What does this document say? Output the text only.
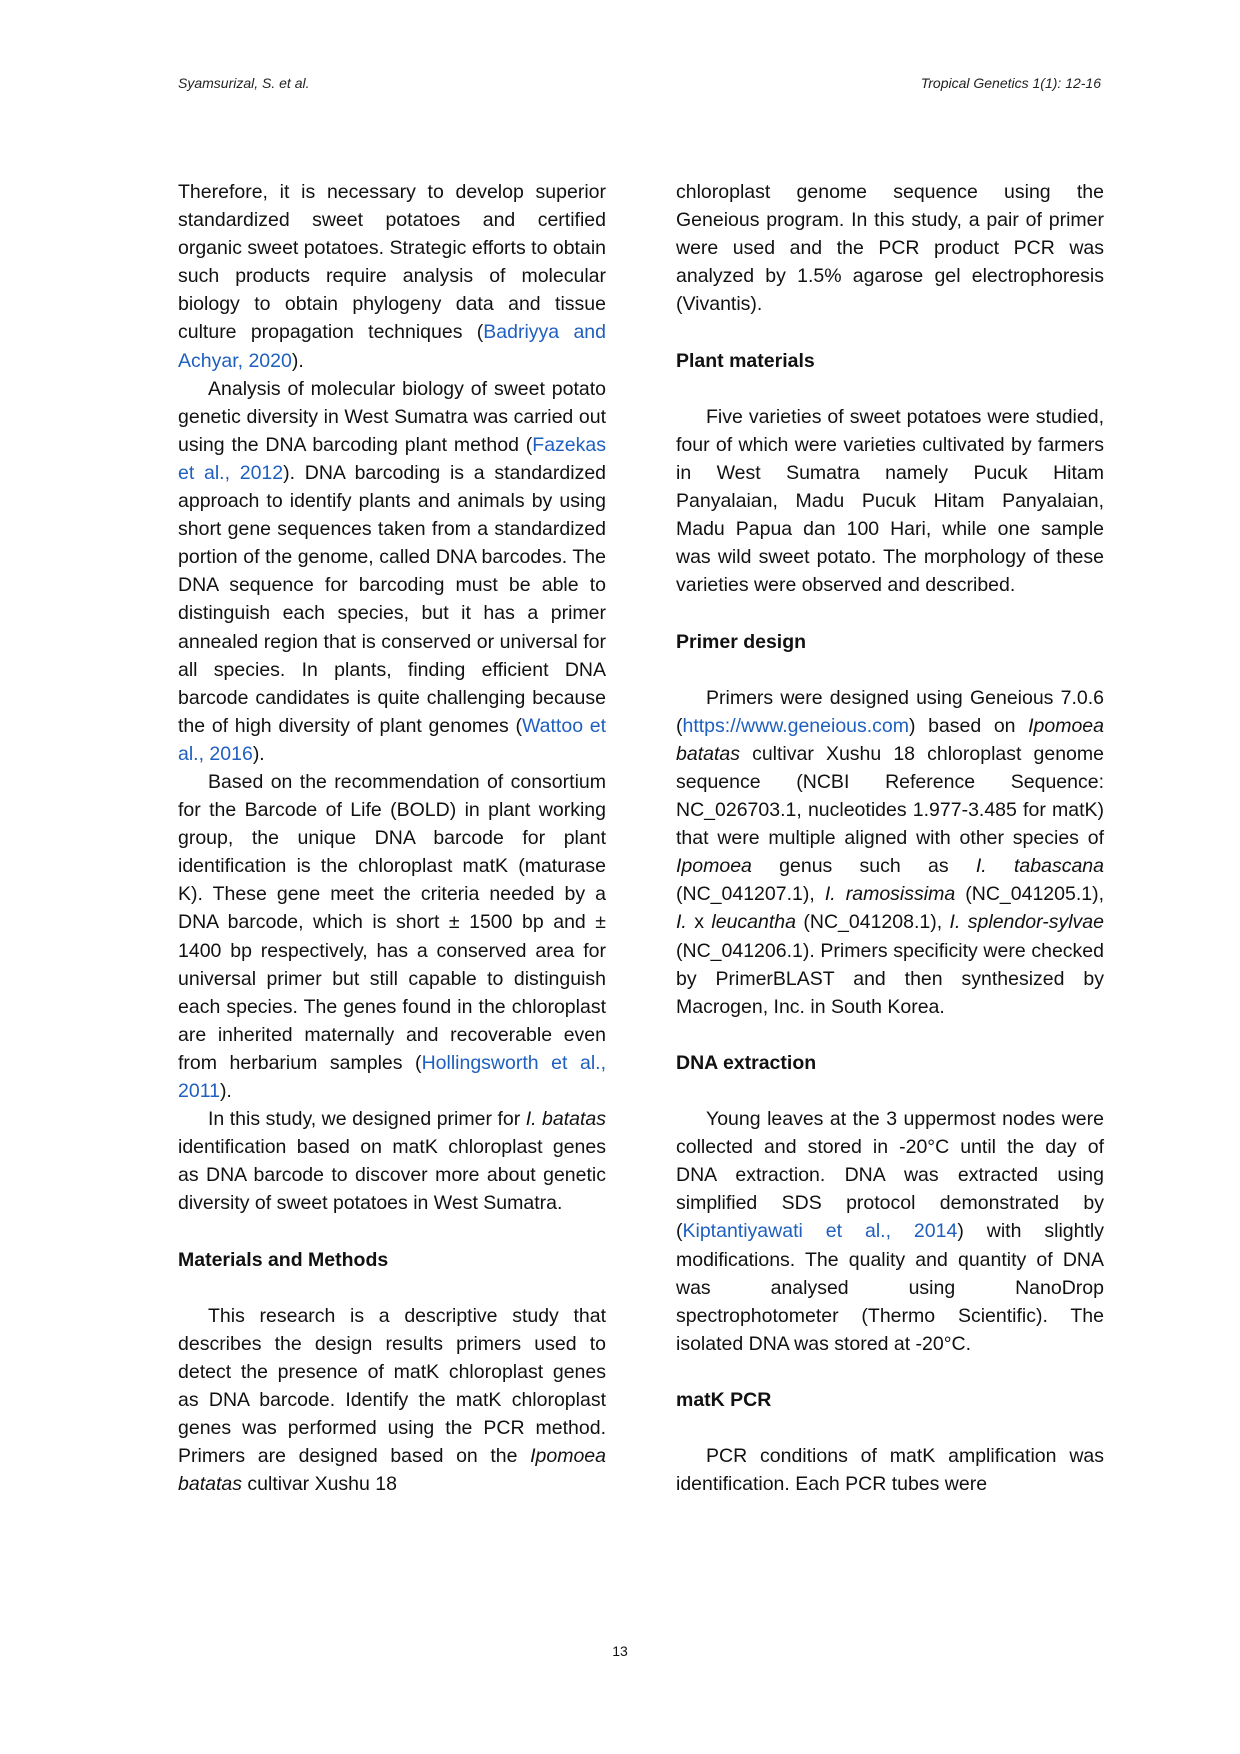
Syamsurizal, S. et al.	Tropical Genetics 1(1): 12-16

Therefore, it is necessary to develop superior standardized sweet potatoes and certified organic sweet potatoes. Strategic efforts to obtain such products require analysis of molecular biology to obtain phylogeny data and tissue culture propagation techniques (Badriyya and Achyar, 2020).

Analysis of molecular biology of sweet potato genetic diversity in West Sumatra was carried out using the DNA barcoding plant method (Fazekas et al., 2012). DNA barcoding is a standardized approach to identify plants and animals by using short gene sequences taken from a standardized portion of the genome, called DNA barcodes. The DNA sequence for barcoding must be able to distinguish each species, but it has a primer annealed region that is conserved or universal for all species. In plants, finding efficient DNA barcode candidates is quite challenging because the of high diversity of plant genomes (Wattoo et al., 2016).

Based on the recommendation of consortium for the Barcode of Life (BOLD) in plant working group, the unique DNA barcode for plant identification is the chloroplast matK (maturase K). These gene meet the criteria needed by a DNA barcode, which is short ± 1500 bp and ± 1400 bp respectively, has a conserved area for universal primer but still capable to distinguish each species. The genes found in the chloroplast are inherited maternally and recoverable even from herbarium samples (Hollingsworth et al., 2011).

In this study, we designed primer for I. batatas identification based on matK chloroplast genes as DNA barcode to discover more about genetic diversity of sweet potatoes in West Sumatra.

Materials and Methods

This research is a descriptive study that describes the design results primers used to detect the presence of matK chloroplast genes as DNA barcode. Identify the matK chloroplast genes was performed using the PCR method. Primers are designed based on the Ipomoea batatas cultivar Xushu 18

chloroplast genome sequence using the Geneious program. In this study, a pair of primer were used and the PCR product PCR was analyzed by 1.5% agarose gel electrophoresis (Vivantis).

Plant materials

Five varieties of sweet potatoes were studied, four of which were varieties cultivated by farmers in West Sumatra namely Pucuk Hitam Panyalaian, Madu Pucuk Hitam Panyalaian, Madu Papua dan 100 Hari, while one sample was wild sweet potato. The morphology of these varieties were observed and described.

Primer design

Primers were designed using Geneious 7.0.6 (https://www.geneious.com) based on Ipomoea batatas cultivar Xushu 18 chloroplast genome sequence (NCBI Reference Sequence: NC_026703.1, nucleotides 1.977-3.485 for matK) that were multiple aligned with other species of Ipomoea genus such as I. tabascana (NC_041207.1), I. ramosissima (NC_041205.1), I. x leucantha (NC_041208.1), I. splendor-sylvae (NC_041206.1). Primers specificity were checked by PrimerBLAST and then synthesized by Macrogen, Inc. in South Korea.

DNA extraction

Young leaves at the 3 uppermost nodes were collected and stored in -20°C until the day of DNA extraction. DNA was extracted using simplified SDS protocol demonstrated by (Kiptantiyawati et al., 2014) with slightly modifications. The quality and quantity of DNA was analysed using NanoDrop spectrophotometer (Thermo Scientific). The isolated DNA was stored at -20°C.

matK PCR

PCR conditions of matK amplification was identification. Each PCR tubes were

13
